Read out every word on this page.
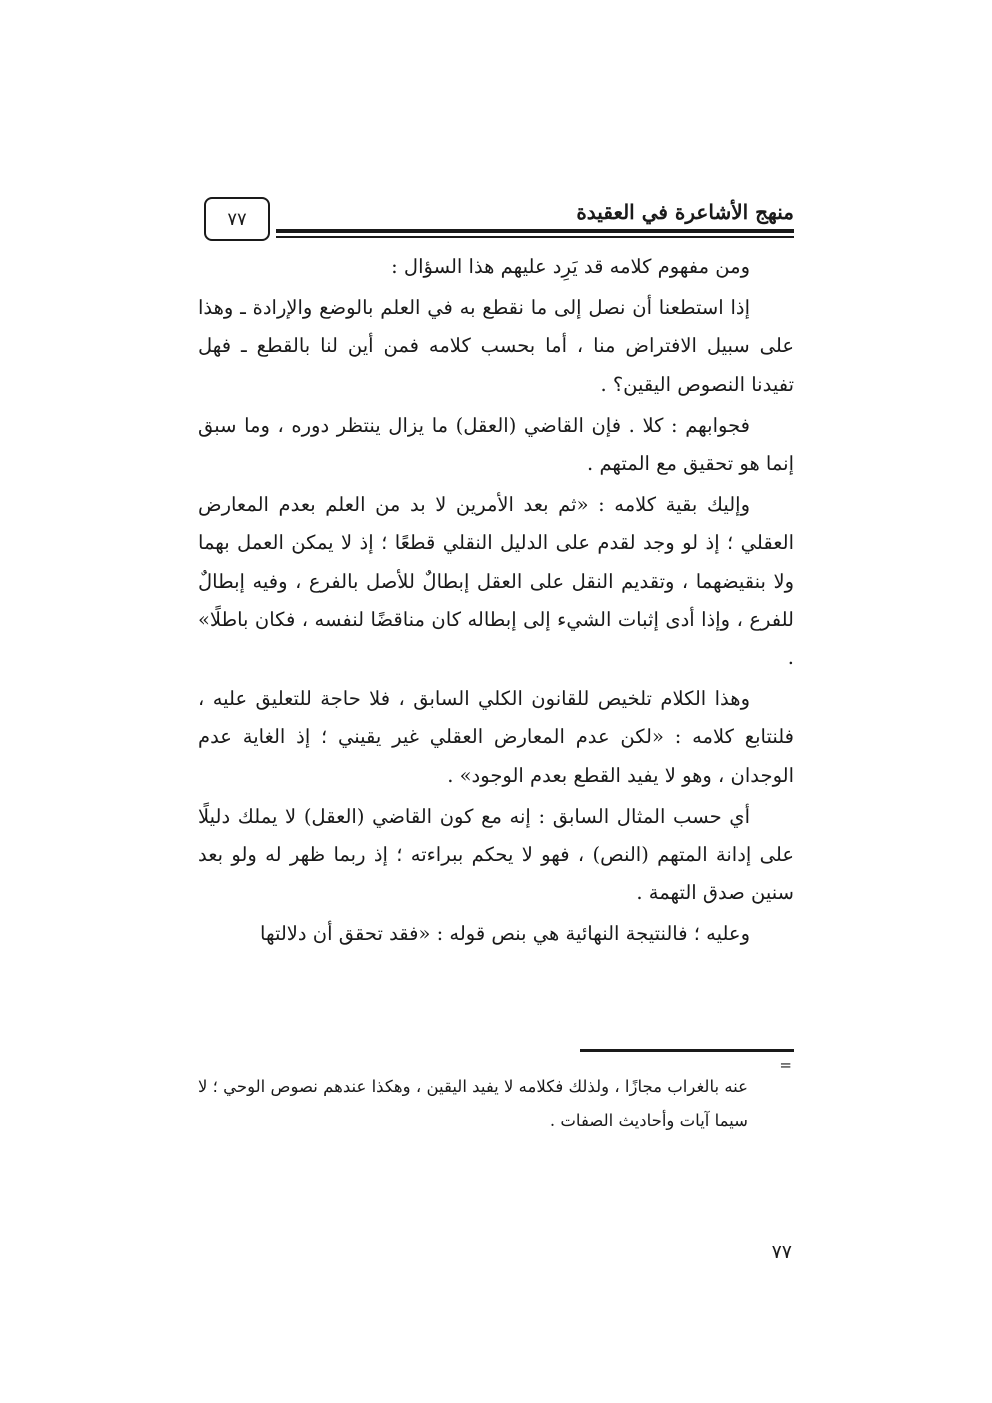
منهج الأشاعرة في العقيدة
٧٧

ومن مفهوم كلامه قد يَرِد عليهم هذا السؤال :

إذا استطعنا أن نصل إلى ما نقطع به في العلم بالوضع والإرادة ـ وهذا على سبيل الافتراض منا ، أما بحسب كلامه فمن أين لنا بالقطع ـ فهل تفيدنا النصوص اليقين؟ .

فجوابهم : كلا . فإن القاضي (العقل) ما يزال ينتظر دوره ، وما سبق إنما هو تحقيق مع المتهم .

وإليك بقية كلامه : «ثم بعد الأمرين لا بد من العلم بعدم المعارض العقلي ؛ إذ لو وجد لقدم على الدليل النقلي قطعًا ؛ إذ لا يمكن العمل بهما ولا بنقيضهما ، وتقديم النقل على العقل إبطالٌ للأصل بالفرع ، وفيه إبطالٌ للفرع ، وإذا أدى إثبات الشيء إلى إبطاله كان مناقضًا لنفسه ، فكان باطلًا» .

وهذا الكلام تلخيص للقانون الكلي السابق ، فلا حاجة للتعليق عليه ، فلنتابع كلامه : «لكن عدم المعارض العقلي غير يقيني ؛ إذ الغاية عدم الوجدان ، وهو لا يفيد القطع بعدم الوجود» .

أي حسب المثال السابق : إنه مع كون القاضي (العقل) لا يملك دليلًا على إدانة المتهم (النص) ، فهو لا يحكم ببراءته ؛ إذ ربما ظهر له ولو بعد سنين صدق التهمة .

وعليه ؛ فالنتيجة النهائية هي بنص قوله : «فقد تحقق أن دلالتها

=

عنه بالغراب مجازًا ، ولذلك فكلامه لا يفيد اليقين ، وهكذا عندهم نصوص الوحي ؛ لا سيما آيات وأحاديث الصفات .

٧٧
